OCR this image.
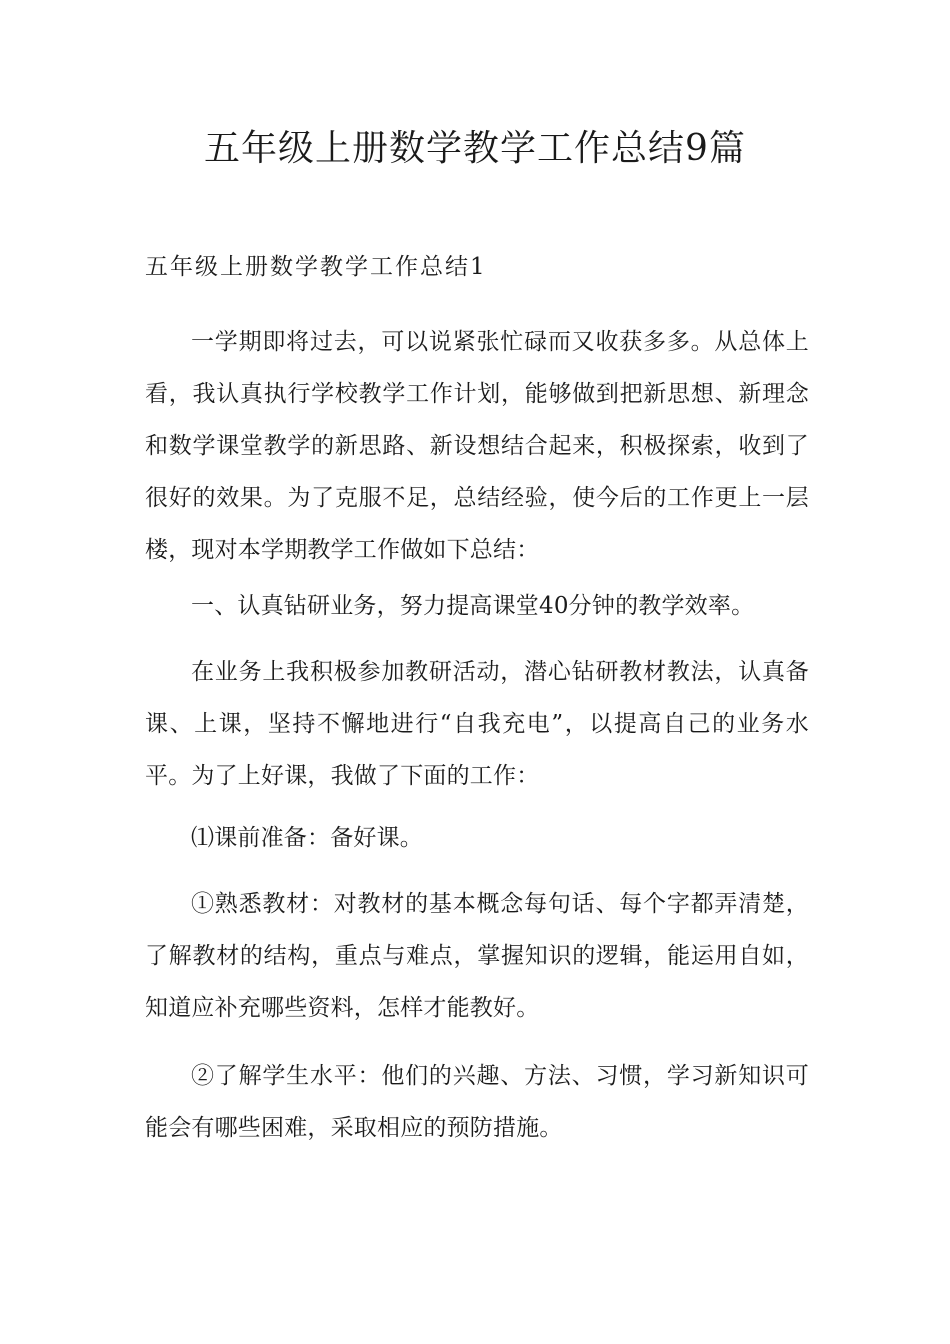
五年级上册数学教学工作总结9篇
五年级上册数学教学工作总结1

一学期即将过去，可以说紧张忙碌而又收获多多。从总体上看，我认真执行学校教学工作计划，能够做到把新思想、新理念和数学课堂教学的新思路、新设想结合起来，积极探索，收到了很好的效果。为了克服不足，总结经验，使今后的工作更上一层楼，现对本学期教学工作做如下总结：

一、认真钻研业务，努力提高课堂40分钟的教学效率。

在业务上我积极参加教研活动，潜心钻研教材教法，认真备课、上课，坚持不懈地进行“自我充电”，以提高自己的业务水平。为了上好课，我做了下面的工作：

⑴课前准备：备好课。

①熟悉教材：对教材的基本概念每句话、每个字都弄清楚，了解教材的结构，重点与难点，掌握知识的逻辑，能运用自如，知道应补充哪些资料，怎样才能教好。

②了解学生水平：他们的兴趣、方法、习惯，学习新知识可能会有哪些困难，采取相应的预防措施。
